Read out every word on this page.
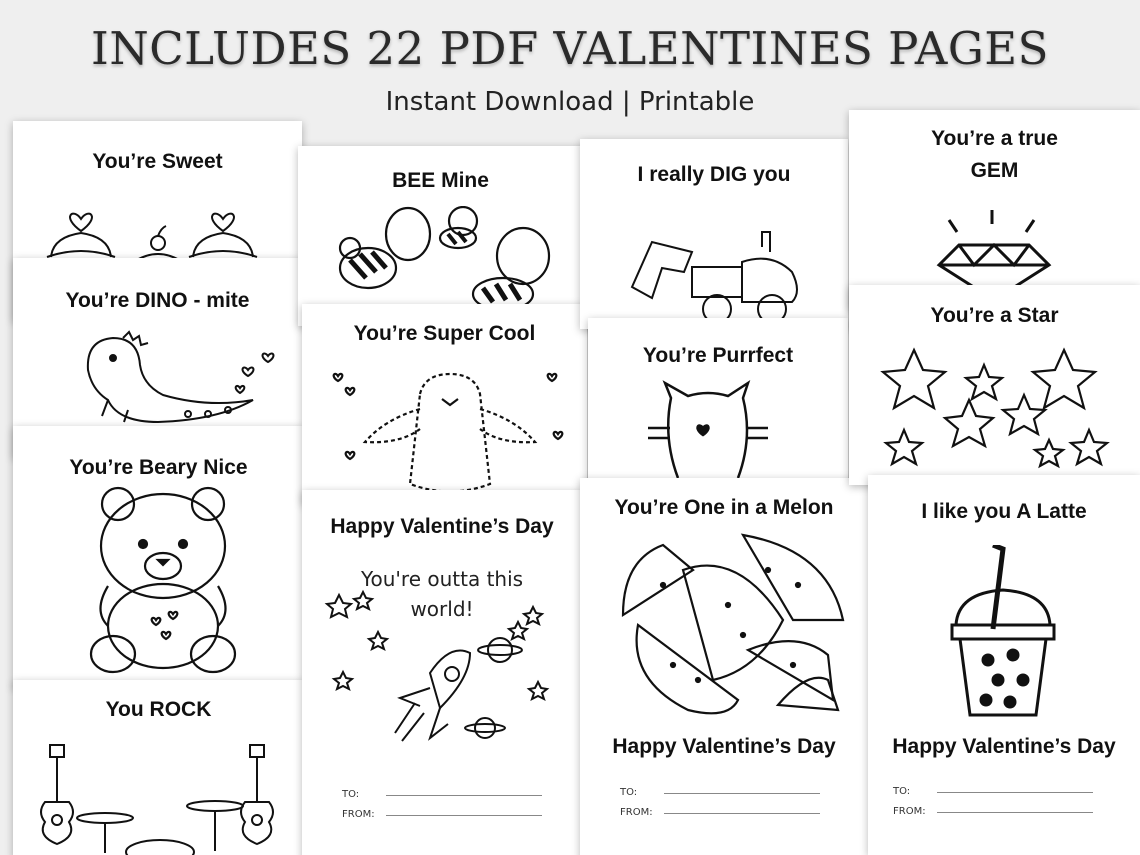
INCLUDES 22 PDF VALENTINES PAGES
Instant Download | Printable
You’re Sweet
You’re DINO - mite
You’re Beary Nice
You ROCK
BEE Mine
You’re Super Cool
Happy Valentine’s Day
You're outta this
world!
TO:
FROM:
I really DIG you
You’re Purrfect
You’re One in a Melon
Happy Valentine’s Day
TO:
FROM:
You’re a true
GEM
You’re a Star
I like you A Latte
Happy Valentine’s Day
TO:
FROM:
